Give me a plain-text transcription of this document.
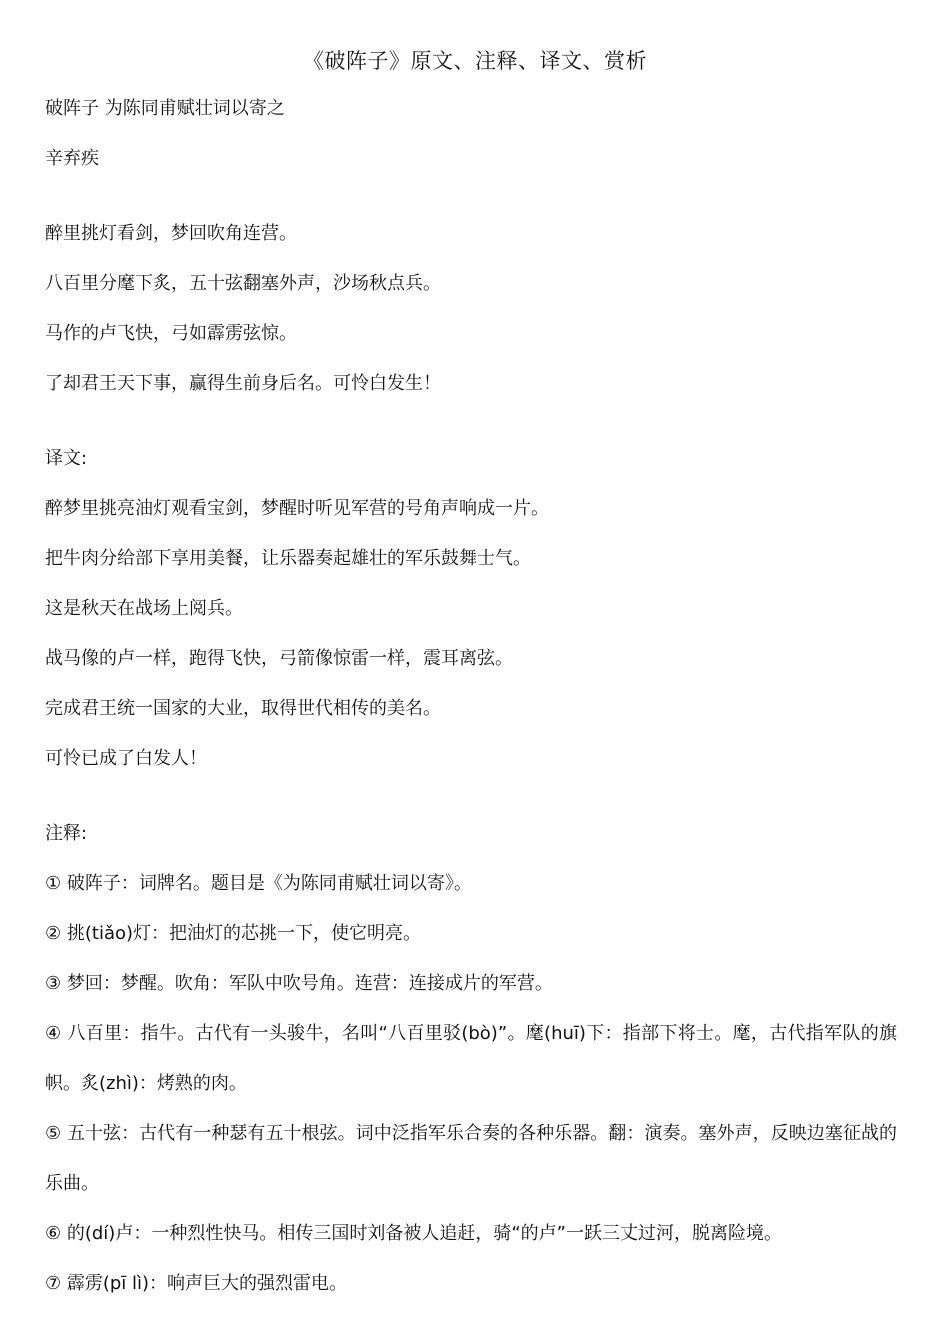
《破阵子》原文、注释、译文、赏析

破阵子 为陈同甫赋壮词以寄之

辛弃疾

醉里挑灯看剑，梦回吹角连营。

八百里分麾下炙，五十弦翻塞外声，沙场秋点兵。

马作的卢飞快，弓如霹雳弦惊。

了却君王天下事，赢得生前身后名。可怜白发生！

译文:

醉梦里挑亮油灯观看宝剑，梦醒时听见军营的号角声响成一片。

把牛肉分给部下享用美餐，让乐器奏起雄壮的军乐鼓舞士气。

这是秋天在战场上阅兵。

战马像的卢一样，跑得飞快，弓箭像惊雷一样，震耳离弦。

完成君王统一国家的大业，取得世代相传的美名。

可怜已成了白发人！

注释:

① 破阵子：词牌名。题目是《为陈同甫赋壮词以寄》。

② 挑(tiǎo)灯：把油灯的芯挑一下，使它明亮。

③ 梦回：梦醒。吹角：军队中吹号角。连营：连接成片的军营。

④ 八百里：指牛。古代有一头骏牛，名叫“八百里驳(bò)”。麾(huī)下：指部下将士。麾，古代指军队的旗帜。炙(zhì)：烤熟的肉。

⑤ 五十弦：古代有一种瑟有五十根弦。词中泛指军乐合奏的各种乐器。翻：演奏。塞外声，反映边塞征战的乐曲。

⑥ 的(dí)卢：一种烈性快马。相传三国时刘备被人追赶，骑“的卢”一跃三丈过河，脱离险境。

⑦ 霹雳(pī lì)：响声巨大的强烈雷电。
